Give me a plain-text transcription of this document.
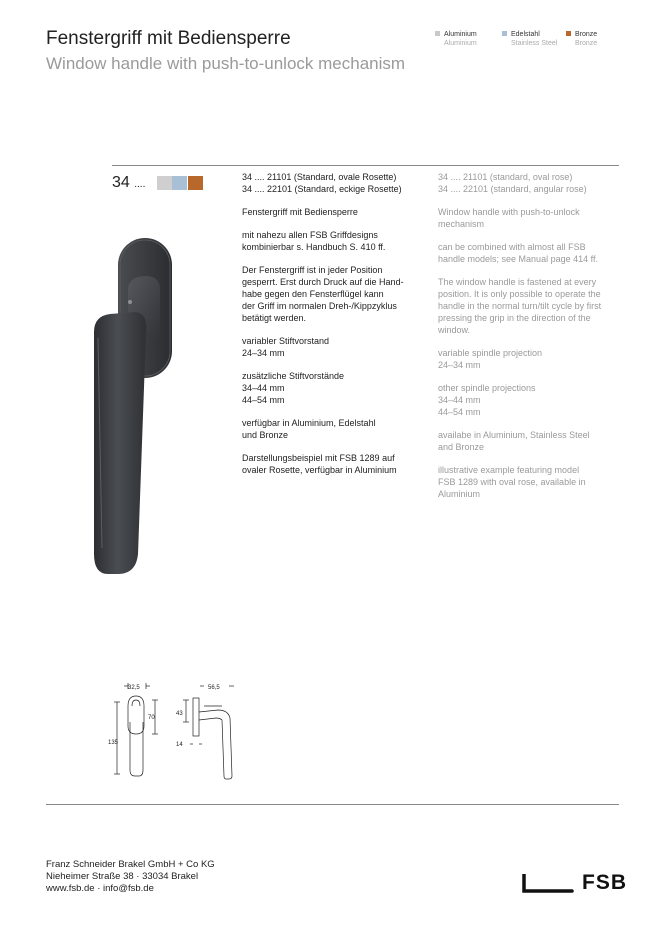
Fenstergriff mit Bediensperre
Window handle with push-to-unlock mechanism
Aluminium
Aluminium
Edelstahl
Stainless Steel
Bronze
Bronze
34 ....

34 .... 21101 (Standard, ovale Rosette)
34 .... 22101 (Standard, eckige Rosette)

Fenstergriff mit Bediensperre

mit nahezu allen FSB Griffdesigns
kombinierbar s. Handbuch S. 410 ff.

Der Fenstergriff ist in jeder Position
gesperrt. Erst durch Druck auf die Hand-
habe gegen den Fensterflügel kann
der Griff im normalen Dreh-/Kippzyklus
betätigt werden.

variabler Stiftvorstand
24–34 mm

zusätzliche Stiftvorstände
34–44 mm
44–54 mm

verfügbar in Aluminium, Edelstahl
und Bronze

Darstellungsbeispiel mit FSB 1289 auf
ovaler Rosette, verfügbar in Aluminium

34 .... 21101 (standard, oval rose)
34 .... 22101 (standard, angular rose)

Window handle with push-to-unlock
mechanism

can be combined with almost all FSB
handle models; see Manual page 414 ff.

The window handle is fastened at every
position. It is only possible to operate the
handle in the normal turn/tilt cycle by first
pressing the grip in the direction of the
window.

variable spindle projection
24–34 mm

other spindle projections
34–44 mm
44–54 mm

availabe in Aluminium, Stainless Steel
and Bronze

illustrative example featuring model
FSB 1289 with oval rose, available in
Aluminium

32,5	56,5
70
43
135	14
Franz Schneider Brakel GmbH + Co KG
Nieheimer Straße 38 · 33034 Brakel
www.fsb.de · info@fsb.de	FSB
